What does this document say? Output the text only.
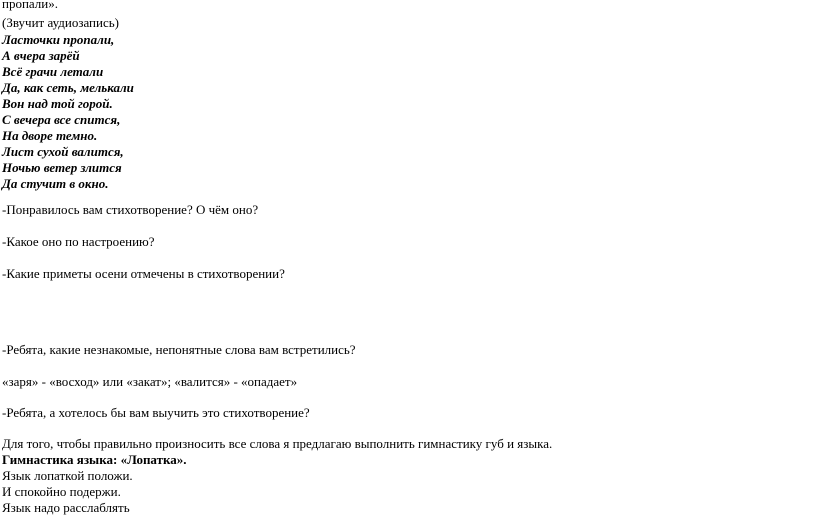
пропали».
(Звучит аудиозапись)
Ласточки пропали,
А вчера зарёй
Всё грачи летали
Да, как сеть, мелькали
Вон над той горой.
С вечера все спится,
На дворе темно.
Лист сухой валится,
Ночью ветер злится
Да стучит в окно.
-Понравилось вам стихотворение? О чём оно?
-Какое оно по настроению?
-Какие приметы осени отмечены в стихотворении?
-Ребята, какие незнакомые, непонятные слова вам встретились?
«заря» - «восход» или «закат»; «валится» - «опадает»
-Ребята, а хотелось бы вам выучить это стихотворение?
Для того, чтобы правильно произносить все слова я предлагаю выполнить гимнастику губ и языка.
Гимнастика языка: «Лопатка».
Язык лопаткой положи.
И спокойно подержи.
Язык надо расслаблять
